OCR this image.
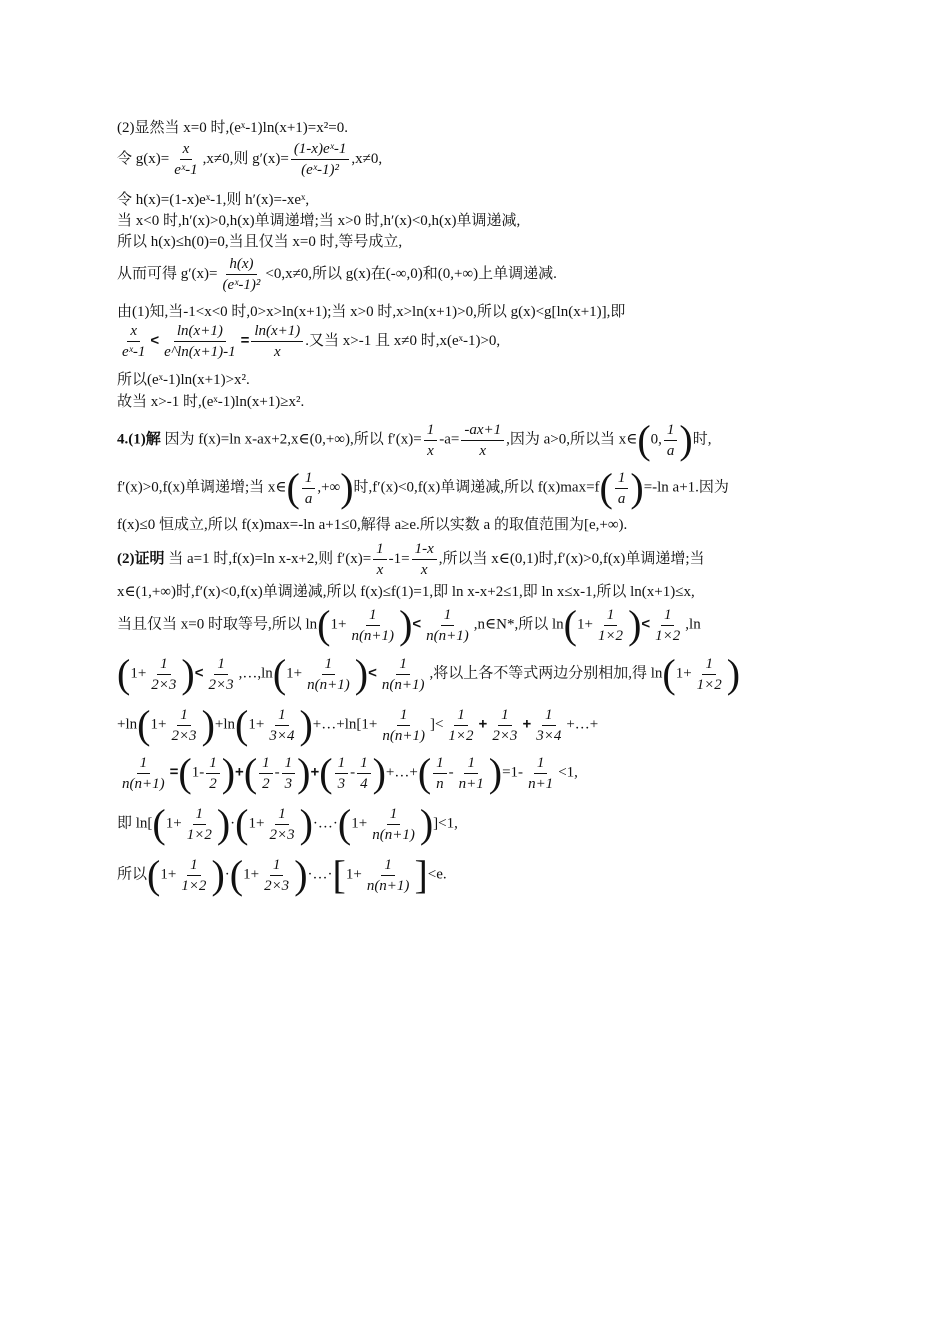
(2)显然当 x=0 时,(eˣ-1)ln(x+1)=x²=0.
令 $g(x)= \frac{x}{\text{eˣ-1}} ,x\ne 0$,则 $g'(x)= \frac{\text{(1-x)eˣ-1}}{\text{(eˣ-1)²}} ,x\ne 0$,
令 h(x)=(1-x)eˣ-1,则 h′(x)=-xeˣ,
当 x<0 时,h′(x)>0,h(x)单调递增;当 x>0 时,h′(x)<0,h(x)单调递减,
所以 h(x)≤h(0)=0,当且仅当 x=0 时,等号成立,
从而可得 $g'(x)= \frac{h(x)}{\text{(eˣ-1)²}} <0,x\ne 0$,所以 g(x)在(-∞,0)和(0,+∞)上单调递减.
由(1)知,当-1<x<0 时,0>x>ln(x+1);当 x>0 时,x>ln(x+1)>0,所以 g(x)<g[ln(x+1)],即
$\frac{x}{\text{eˣ-1}} < \frac{\ln(x+1)}{e\^{}\ln(x+1)-1} = \frac{\ln(x+1)}{x}$ .又当 x>-1 且 x≠0 时,x(eˣ-1)>0,
所以(eˣ-1)ln(x+1)>x².
故当 x>-1 时,(eˣ-1)ln(x+1)≥x².
4.(1)解 因为 f(x)=ln x-ax+2,x∈(0,+∞),所以 $f'(x)= \frac{1}{x} -a= \frac{-ax+1}{x}$ ,因为 a>0,所以当 x∈(0, $\frac{1}{a}$ )时,
f′(x)>0,f(x)单调递增;当 x∈( $\frac{1}{a}$ ,+∞)时,f′(x)<0,f(x)单调递减,所以 $f(x)\max=f( \frac{1}{a} )=-\ln$ a+1.因为
f(x)≤0 恒成立,所以 f(x)max=-ln a+1≤0,解得 a≥e.所以实数 a 的取值范围为[e,+∞).
(2)证明 当 a=1 时,f(x)=ln x-x+2,则 $f'(x)= \frac{1}{x} -1= \frac{1-x}{x}$ ,所以当 x∈(0,1)时,f′(x)>0,f(x)单调递增;当
x∈(1,+∞)时,f′(x)<0,f(x)单调递减,所以 f(x)≤f(1)=1,即 ln x-x+2≤1,即 ln x≤x-1,所以 ln(x+1)≤x,
当且仅当 x=0 时取等号,所以 $\ln(1+ \frac{1}{n(n+1)}$ )< $\frac{1}{n(n+1)}$ ,n∈N*,所以 $\ln(1+ \frac{1}{1\times 2}$ )< $\frac{1}{1\times 2} ,\ln$
($1+ \frac{1}{2\times 3}$ )< $\frac{1}{2\times 3}$ ,…,ln(1+ $\frac{1}{n(n+1)}$ )< $\frac{1}{n(n+1)}$ ,将以上各不等式两边分别相加,得 $\ln(1+ \frac{1}{1\times 2}$ )
$+\ln(1+ \frac{1}{2\times 3} )+\ln(1+ \frac{1}{3\times 4}$ )+…+ln[1+ $\frac{1}{n(n+1)}$ ]< $\frac{1}{1\times 2} + \frac{1}{2\times 3} + \frac{1}{3\times 4}$ +…+
$\frac{1}{n(n+1)} =(1- \frac{1}{2}$ )+( $\frac{1}{2} - \frac{1}{3}$ )+( $\frac{1}{3} - \frac{1}{4}$ )+…+( $\frac{1}{n} - \frac{1}{n+1} )=1- \frac{1}{n+1} <1$,
即 $\ln[(1+ \frac{1}{1\times 2} )\cdot(1+ \frac{1}{2\times 3}$ )·…·(1+ $\frac{1}{n(n+1)} )]<1$,
所以$(1+ \frac{1}{1\times 2} )\cdot(1+ \frac{1}{2\times 3}$ )·…·[1+ $\frac{1}{n(n+1)} ]<e$.
